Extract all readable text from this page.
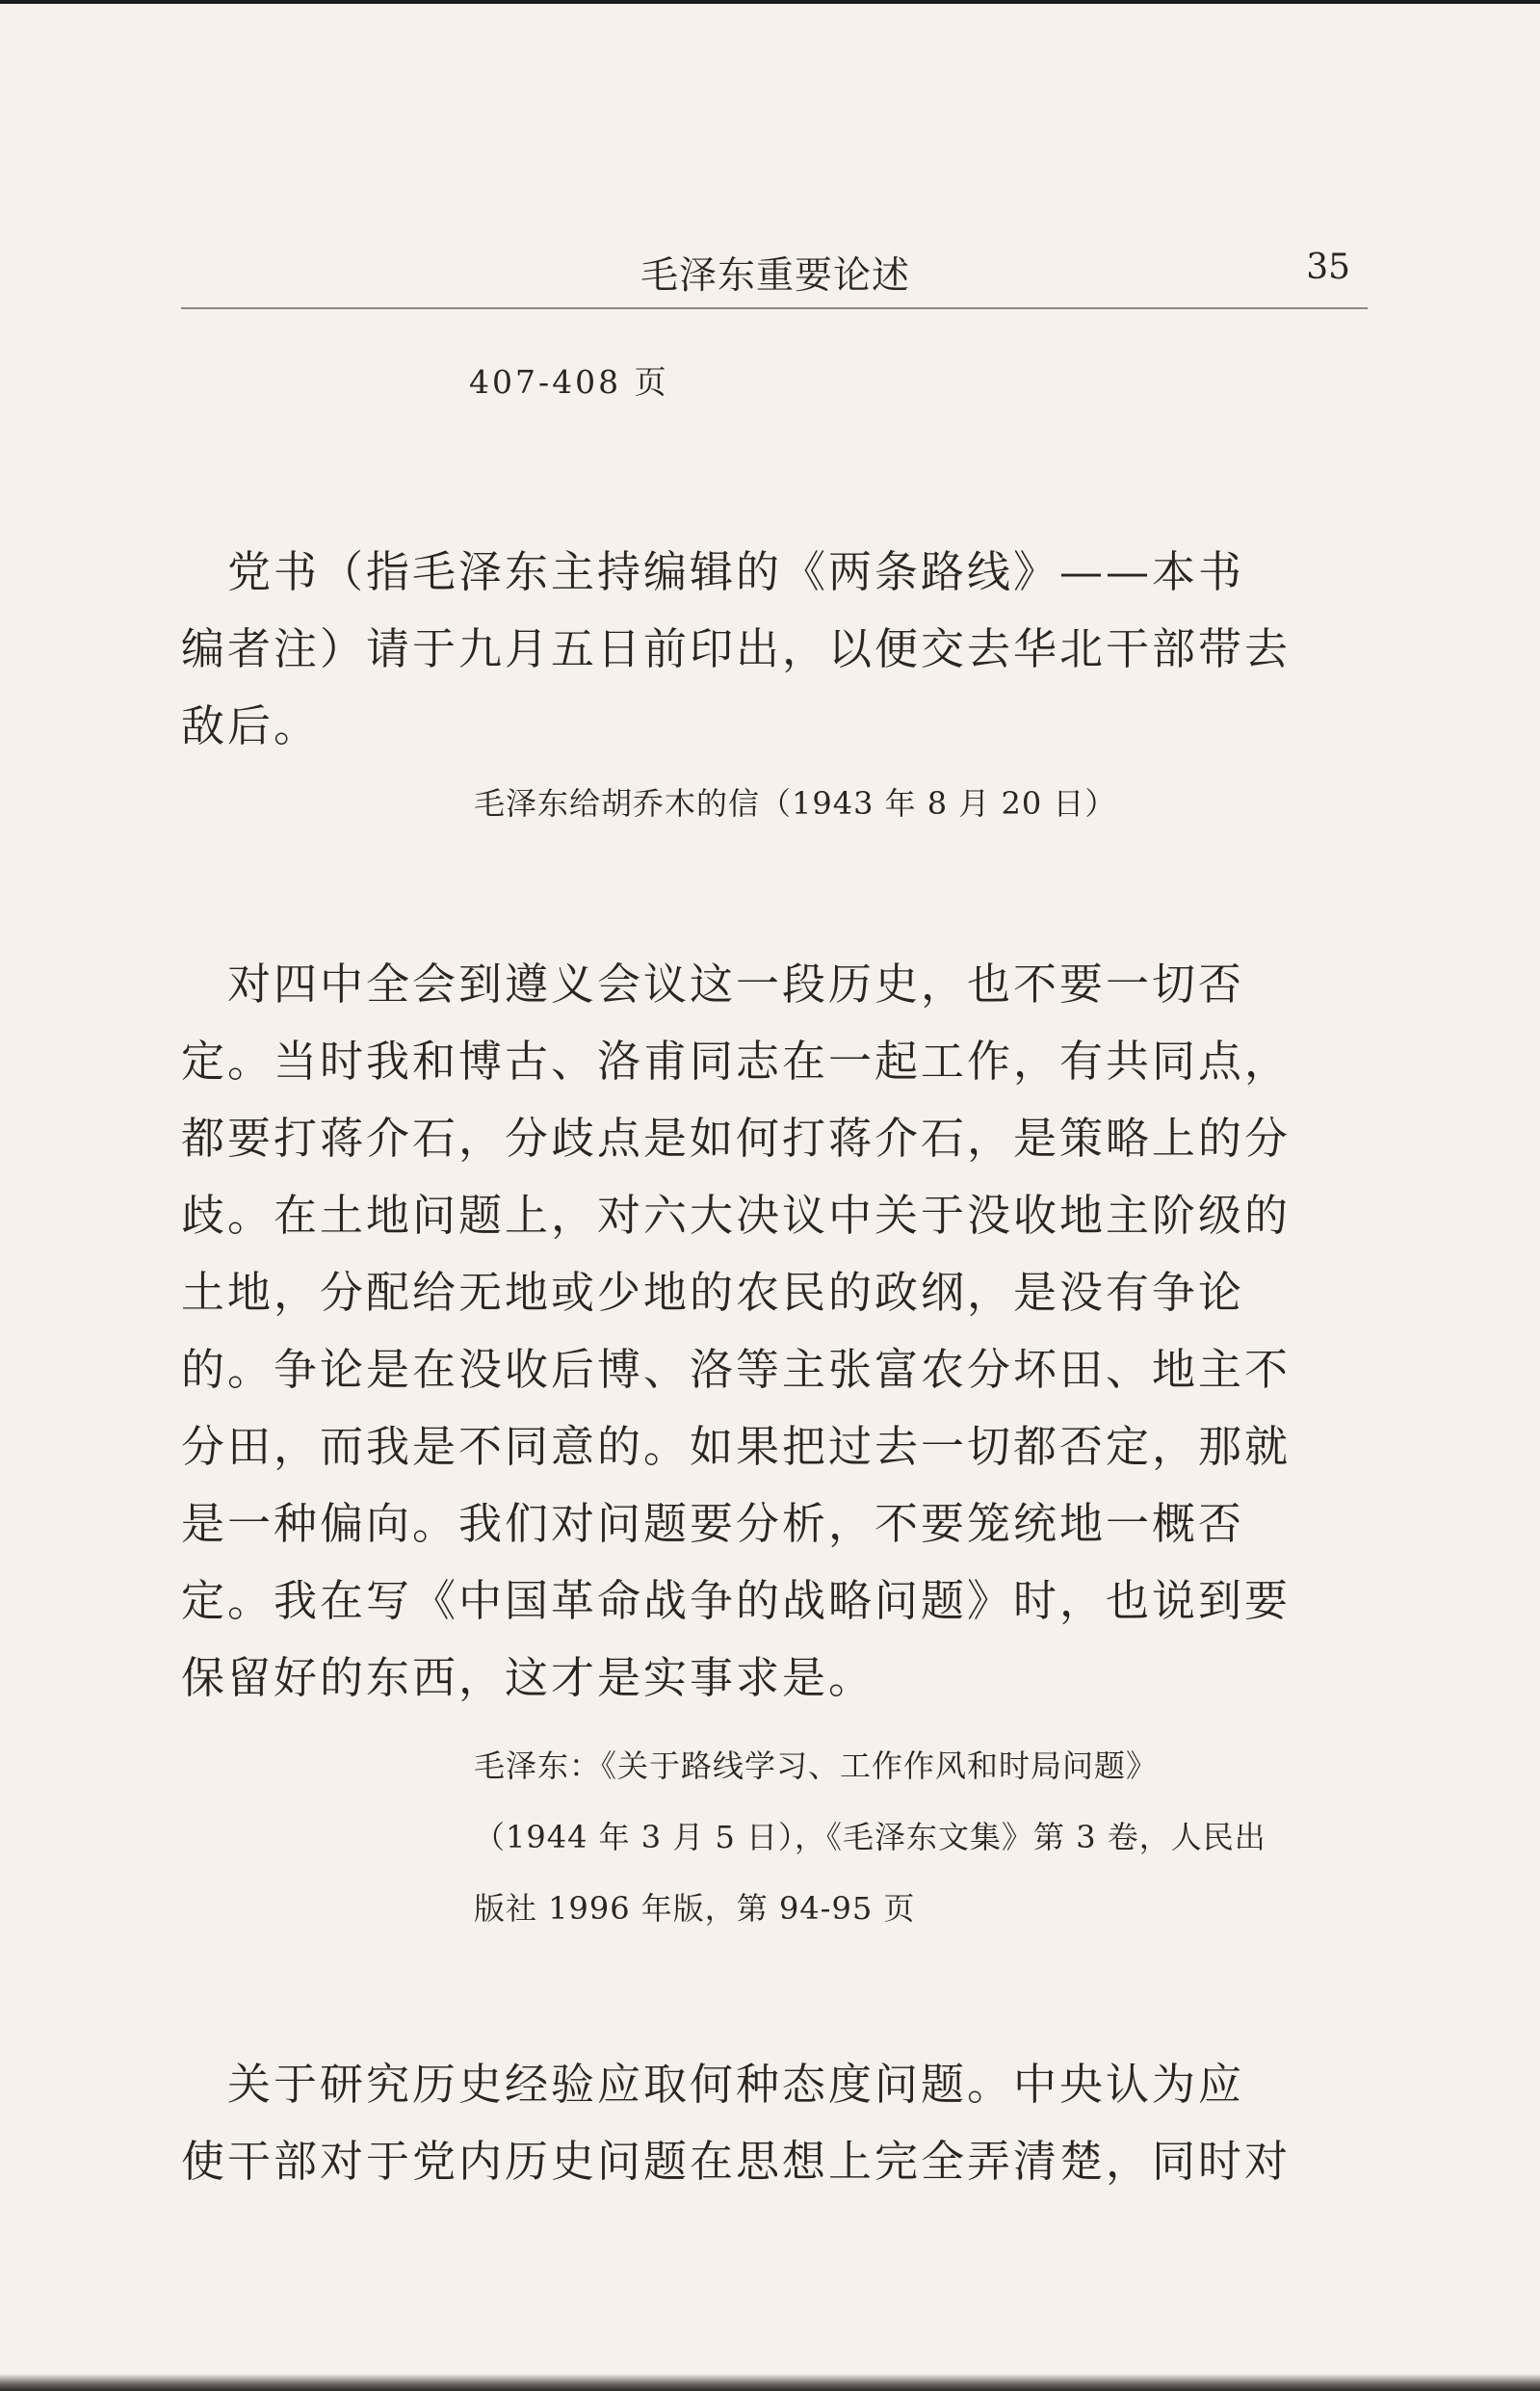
毛泽东重要论述	35
407-408 页
　党书（指毛泽东主持编辑的《两条路线》——本书
编者注）请于九月五日前印出，以便交去华北干部带去
敌后。
毛泽东给胡乔木的信（1943 年 8 月 20 日）
　对四中全会到遵义会议这一段历史，也不要一切否
定。当时我和博古、洛甫同志在一起工作，有共同点，
都要打蒋介石，分歧点是如何打蒋介石，是策略上的分
歧。在土地问题上，对六大决议中关于没收地主阶级的
土地，分配给无地或少地的农民的政纲，是没有争论
的。争论是在没收后博、洛等主张富农分坏田、地主不
分田，而我是不同意的。如果把过去一切都否定，那就
是一种偏向。我们对问题要分析，不要笼统地一概否
定。我在写《中国革命战争的战略问题》时，也说到要
保留好的东西，这才是实事求是。
毛泽东：《关于路线学习、工作作风和时局问题》
（1944 年 3 月 5 日），《毛泽东文集》第 3 卷，人民出
版社 1996 年版，第 94-95 页
　关于研究历史经验应取何种态度问题。中央认为应
使干部对于党内历史问题在思想上完全弄清楚，同时对
